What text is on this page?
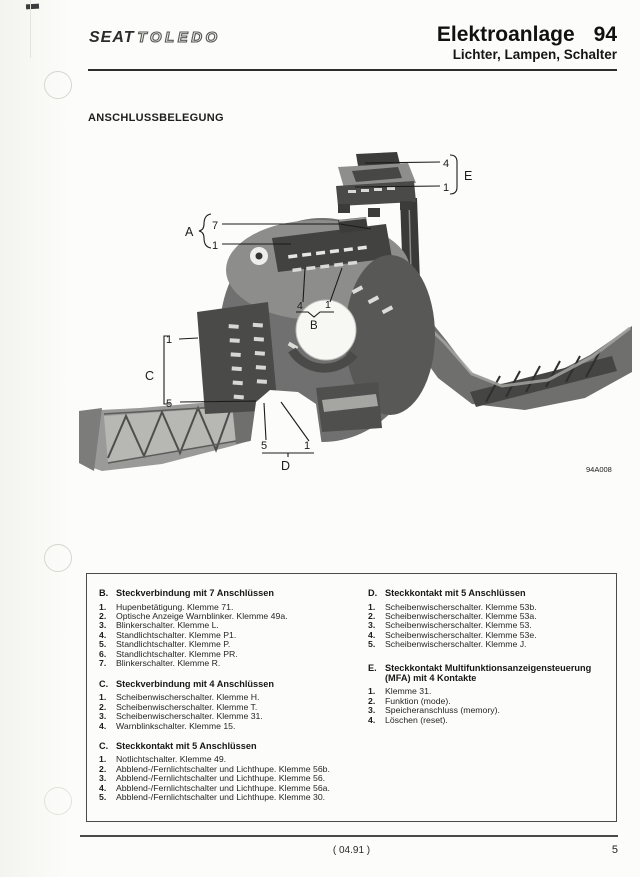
SEAT TOLEDO	Elektroanlage 94
Lichter, Lampen, Schalter
ANSCHLUSSBELEGUNG
4
1
E
7
1
A
4 1
B
1
5
C
5	1
D	94A008
B. Steckverbindung mit 7 Anschlüssen
1.	Hupenbetätigung. Klemme 71.
2.	Optische Anzeige Warnblinker. Klemme 49a.
3.	Blinkerschalter. Klemme L.
4.	Standlichtschalter. Klemme P1.
5.	Standlichtschalter. Klemme P.
6.	Standlichtschalter. Klemme PR.
7.	Blinkerschalter. Klemme R.
C. Steckverbindung mit 4 Anschlüssen
1.	Scheibenwischerschalter. Klemme H.
2.	Scheibenwischerschalter. Klemme T.
3.	Scheibenwischerschalter. Klemme 31.
4.	Warnblinkschalter. Klemme 15.
C. Steckkontakt mit 5 Anschlüssen
1.	Notlichtschalter. Klemme 49.
2.	Abblend-/Fernlichtschalter und Lichthupe. Klemme 56b.
3.	Abblend-/Fernlichtschalter und Lichthupe. Klemme 56.
4.	Abblend-/Fernlichtschalter und Lichthupe. Klemme 56a.
5.	Abblend-/Fernlichtschalter und Lichthupe. Klemme 30.
D. Steckkontakt mit 5 Anschlüssen
1.	Scheibenwischerschalter. Klemme 53b.
2.	Scheibenwischerschalter. Klemme 53a.
3.	Scheibenwischerschalter. Klemme 53.
4.	Scheibenwischerschalter. Klemme 53e.
5.	Scheibenwischerschalter. Klemme J.
E. Steckkontakt Multifunktionsanzeigensteuerung (MFA) mit 4 Kontakte
1.	Klemme 31.
2.	Funktion (mode).
3.	Speicheranschluss (memory).
4.	Löschen (reset).
( 04.91 )	5
